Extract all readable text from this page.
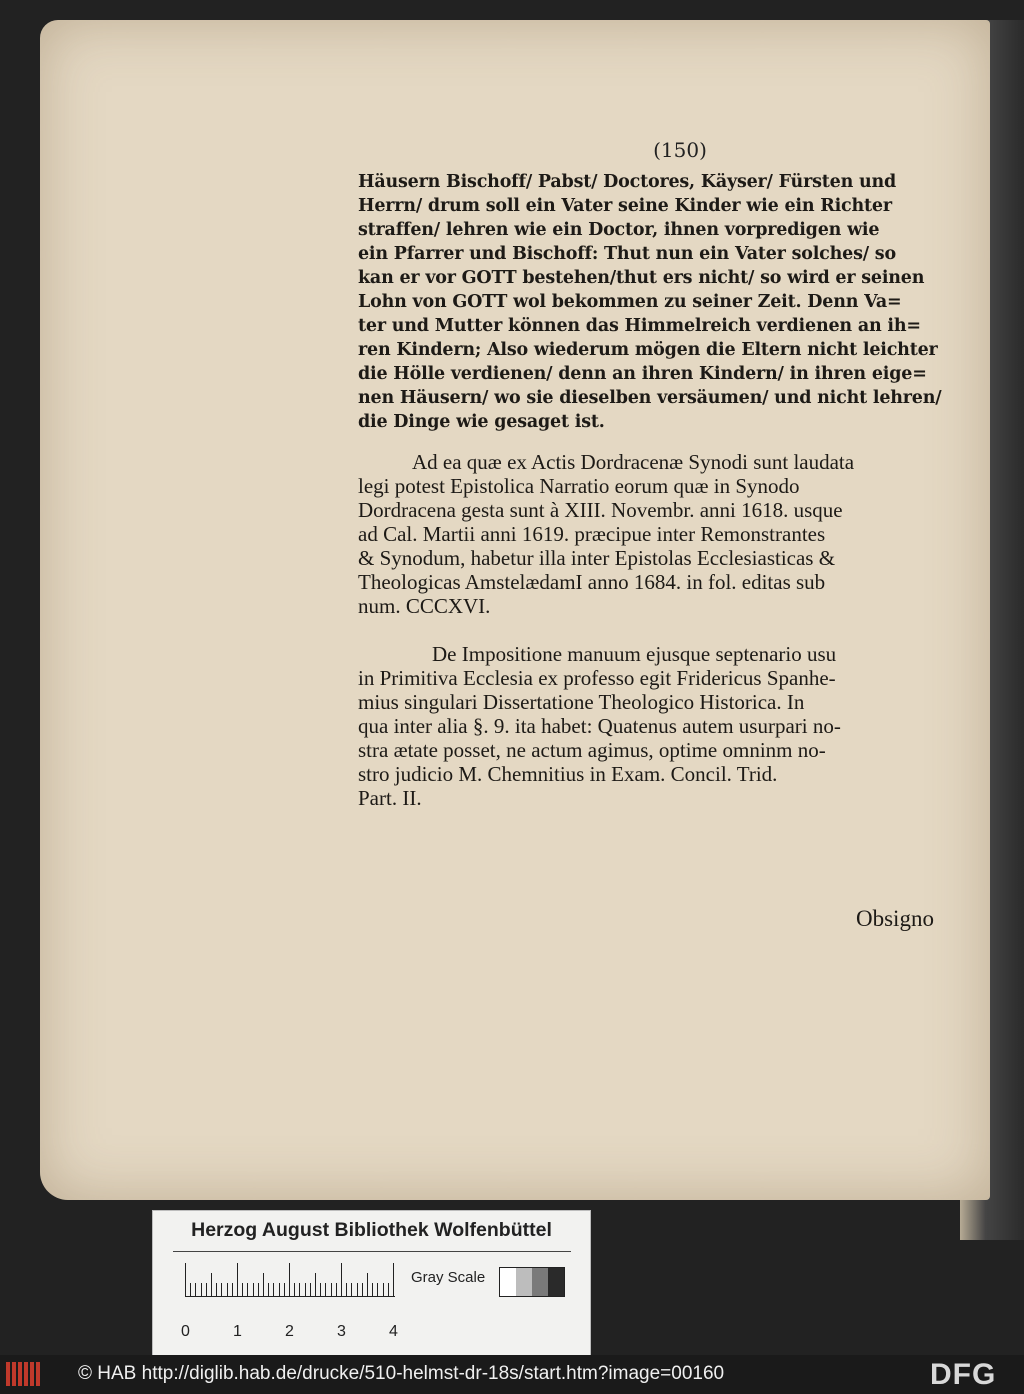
(150)
Häusern Bischoff/ Pabst/ Doctores, Käyser/ Fürsten und
Herrn/ drum soll ein Vater seine Kinder wie ein Richter
straffen/ lehren wie ein Doctor, ihnen vorpredigen wie
ein Pfarrer und Bischoff: Thut nun ein Vater solches/ so
kan er vor GOTT bestehen/thut ers nicht/ so wird er seinen
Lohn von GOTT wol bekommen zu seiner Zeit. Denn Va=
ter und Mutter können das Himmelreich verdienen an ih=
ren Kindern; Also wiederum mögen die Eltern nicht leichter
die Hölle verdienen/ denn an ihren Kindern/ in ihren eige=
nen Häusern/ wo sie dieselben versäumen/ und nicht lehren/
die Dinge wie gesaget ist.
Ad ea quæ ex Actis Dordracenæ Synodi sunt laudata
legi potest Epistolica Narratio eorum quæ in Synodo
Dordracena gesta sunt à XIII. Novembr. anni 1618. usque
ad Cal. Martii anni 1619. præcipue inter Remonstrantes
& Synodum, habetur illa inter Epistolas Ecclesiasticas &
Theologicas AmstelædamI anno 1684. in fol. editas sub
num. CCCXVI.
De Impositione manuum ejusque septenario usu
in Primitiva Ecclesia ex professo egit Fridericus Spanhe-
mius singulari Dissertatione Theologico Historica. In
qua inter alia §. 9. ita habet: Quatenus autem usurpari no-
stra ætate posset, ne actum agimus, optime omninm no-
stro judicio M. Chemnitius in Exam. Concil. Trid.
Part. II.
Obsigno
Herzog August Bibliothek Wolfenbüttel
0	1	2	3	4
Gray Scale
© HAB http://diglib.hab.de/drucke/510-helmst-dr-18s/start.htm?image=00160	DFG
